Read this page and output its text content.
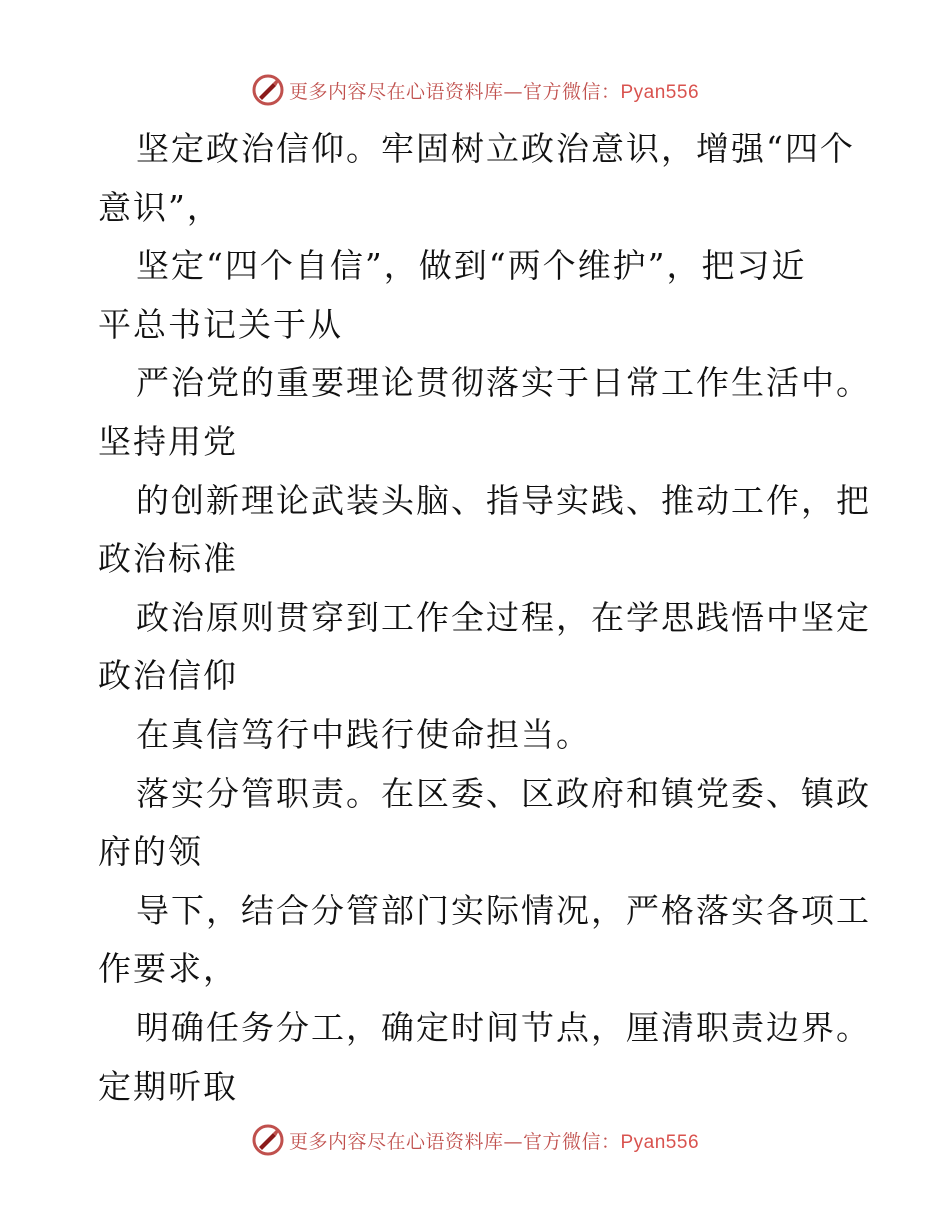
更多内容尽在心语资料库—官方微信：Pyan556
坚定政治信仰。牢固树立政治意识，增强“四个
意识”，
坚定“四个自信”，做到“两个维护”，把习近
平总书记关于从
严治党的重要理论贯彻落实于日常工作生活中。
坚持用党
的创新理论武装头脑、指导实践、推动工作，把
政治标准
政治原则贯穿到工作全过程，在学思践悟中坚定
政治信仰
在真信笃行中践行使命担当。
落实分管职责。在区委、区政府和镇党委、镇政
府的领
导下，结合分管部门实际情况，严格落实各项工
作要求，
明确任务分工，确定时间节点，厘清职责边界。
定期听取
更多内容尽在心语资料库—官方微信：Pyan556
